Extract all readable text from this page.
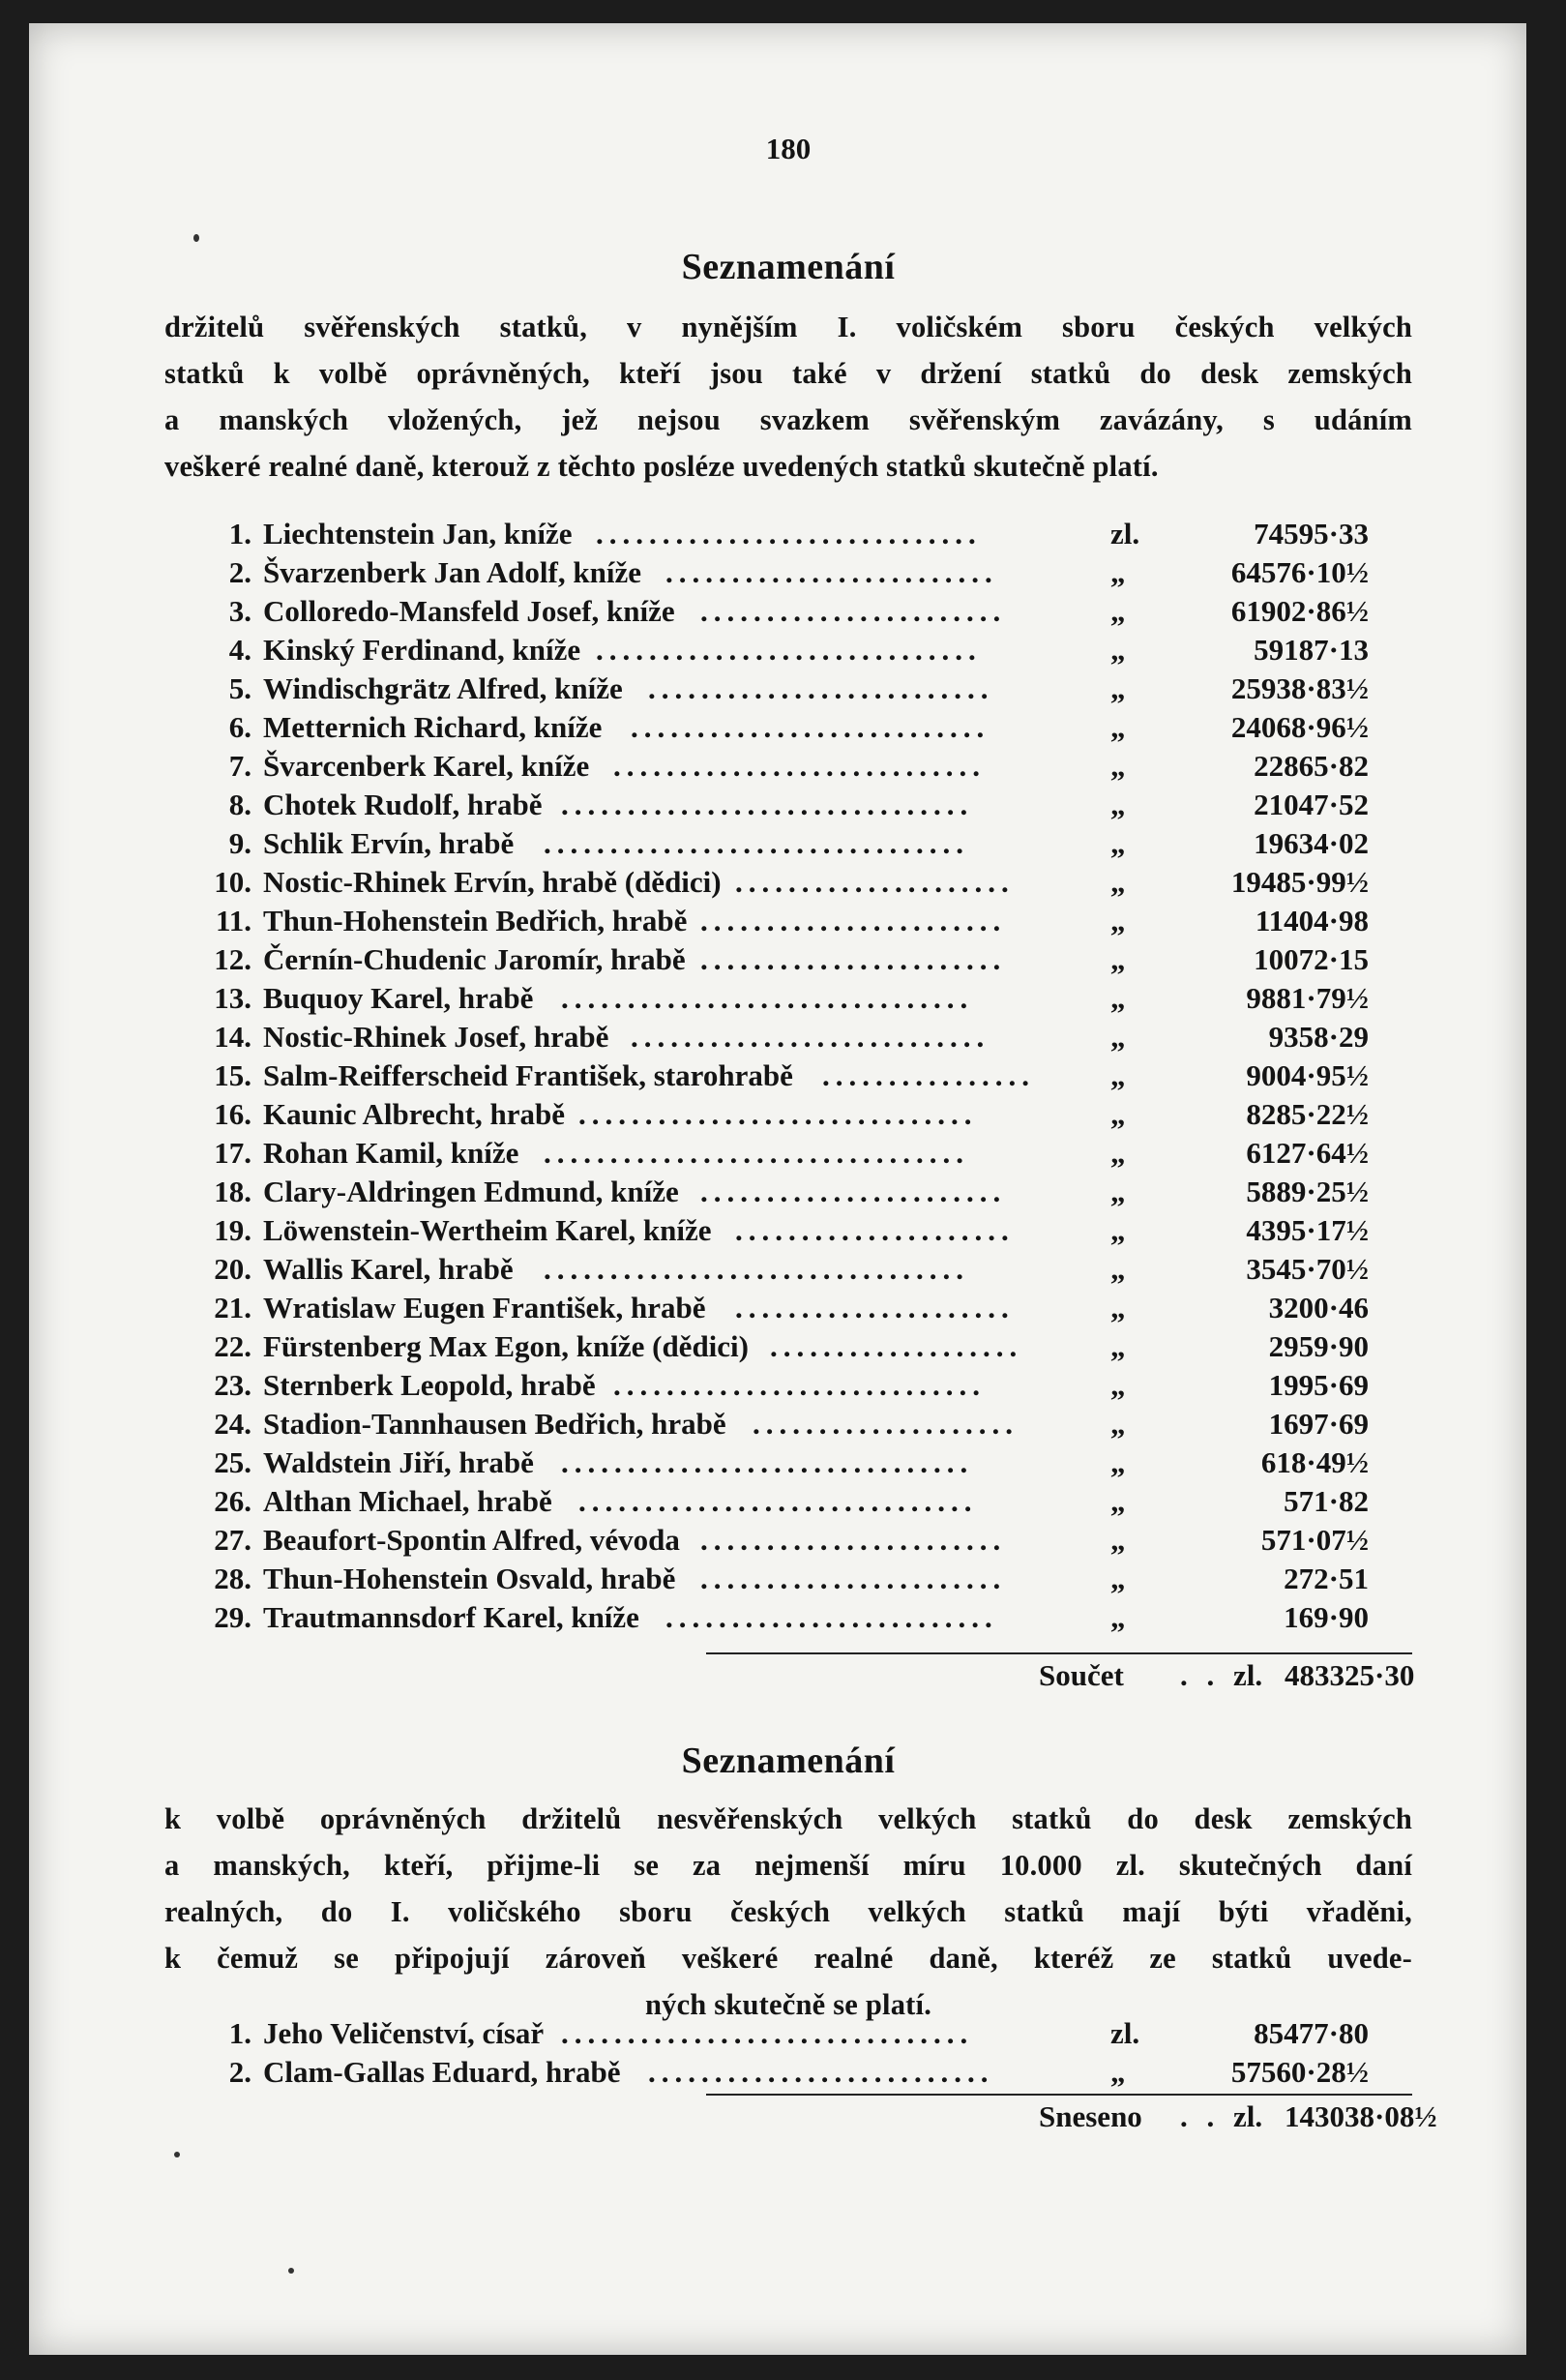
180
Seznamenání
držitelů svěřenských statků, v nynějším I. voličském sboru českých velkých
statků k volbě oprávněných, kteří jsou také v držení statků do desk zemských
a manských vložených, jež nejsou svazkem svěřenským zavázány, s udáním
veškeré realné daně, kterouž z těchto posléze uvedených statků skutečně platí.
1. Liechtenstein Jan, kníže	zl.	74595·33
.............................
2. Švarzenberk Jan Adolf, kníže	„	64576·10½
.........................
3. Colloredo-Mansfeld Josef, kníže	„	61902·86½
.......................
4. Kinský Ferdinand, kníže	„	59187·13
.............................
5. Windischgrätz Alfred, kníže	„	25938·83½
..........................
6. Metternich Richard, kníže	„	24068·96½
...........................
7. Švarcenberk Karel, kníže	„	22865·82
............................
8. Chotek Rudolf, hrabě	„	21047·52
...............................
9. Schlik Ervín, hrabě	„	19634·02
................................
10. Nostic-Rhinek Ervín, hrabě (dědici)	„	19485·99½
.....................
11. Thun-Hohenstein Bedřich, hrabě	„	11404·98
.......................
12. Černín-Chudenic Jaromír, hrabě	„	10072·15
.......................
13. Buquoy Karel, hrabě	„	9881·79½
...............................
14. Nostic-Rhinek Josef, hrabě	„	9358·29
...........................
15. Salm-Reifferscheid František, starohrabě	„	9004·95½
................
16. Kaunic Albrecht, hrabě	„	8285·22½
..............................
17. Rohan Kamil, kníže	„	6127·64½
................................
18. Clary-Aldringen Edmund, kníže	„	5889·25½
.......................
19. Löwenstein-Wertheim Karel, kníže	„	4395·17½
.....................
20. Wallis Karel, hrabě	„	3545·70½
................................
21. Wratislaw Eugen František, hrabě	„	3200·46
.....................
22. Fürstenberg Max Egon, kníže (dědici)	„	2959·90
...................
23. Sternberk Leopold, hrabě	„	1995·69
............................
24. Stadion-Tannhausen Bedřich, hrabě	„	1697·69
....................
25. Waldstein Jiří, hrabě	„	618·49½
...............................
26. Althan Michael, hrabě	„	571·82
..............................
27. Beaufort-Spontin Alfred, vévoda	„	571·07½
.......................
28. Thun-Hohenstein Osvald, hrabě	„	272·51
.......................
29. Trautmannsdorf Karel, kníže	„	169·90
.........................
Součet . . zl. 483325·30
Seznamenání
k volbě oprávněných držitelů nesvěřenských velkých statků do desk zemských
a manských, kteří, přijme-li se za nejmenší míru 10.000 zl. skutečných daní
realných, do I. voličského sboru českých velkých statků mají býti vřaděni,
k čemuž se připojují zároveň veškeré realné daně, kteréž ze statků uvede-
ných skutečně se platí.
1. Jeho Veličenství, císař	zl.	85477·80
...............................
2. Clam-Gallas Eduard, hrabě	„	57560·28½
..........................
Sneseno . . zl. 143038·08½
